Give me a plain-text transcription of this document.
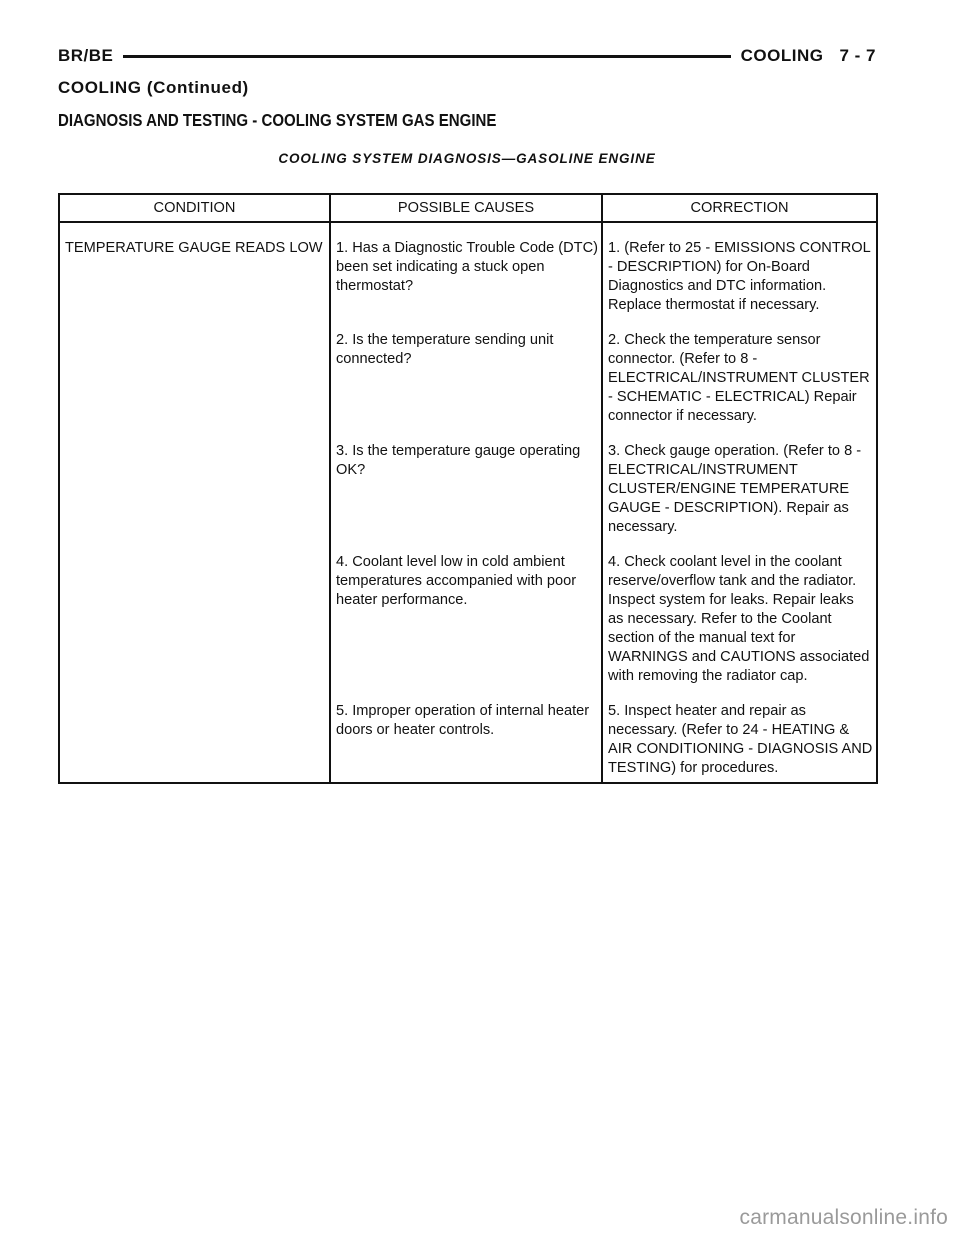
BR/BE	COOLING 7 - 7
COOLING (Continued)
DIAGNOSIS AND TESTING - COOLING SYSTEM GAS ENGINE
COOLING SYSTEM DIAGNOSIS—GASOLINE ENGINE
CONDITION	POSSIBLE CAUSES	CORRECTION
TEMPERATURE GAUGE READS LOW	1. Has a Diagnostic Trouble Code (DTC) been set indicating a stuck open thermostat?	1. (Refer to 25 - EMISSIONS CONTROL - DESCRIPTION) for On-Board Diagnostics and DTC information. Replace thermostat if necessary.
	2. Is the temperature sending unit connected?	2. Check the temperature sensor connector. (Refer to 8 - ELECTRICAL/INSTRUMENT CLUSTER - SCHEMATIC - ELECTRICAL) Repair connector if necessary.
	3. Is the temperature gauge operating OK?	3. Check gauge operation. (Refer to 8 - ELECTRICAL/INSTRUMENT CLUSTER/ENGINE TEMPERATURE GAUGE - DESCRIPTION). Repair as necessary.
	4. Coolant level low in cold ambient temperatures accompanied with poor heater performance.	4. Check coolant level in the coolant reserve/overflow tank and the radiator. Inspect system for leaks. Repair leaks as necessary. Refer to the Coolant section of the manual text for WARNINGS and CAUTIONS associated with removing the radiator cap.
	5. Improper operation of internal heater doors or heater controls.	5. Inspect heater and repair as necessary. (Refer to 24 - HEATING & AIR CONDITIONING - DIAGNOSIS AND TESTING) for procedures.
carmanualsonline.info
